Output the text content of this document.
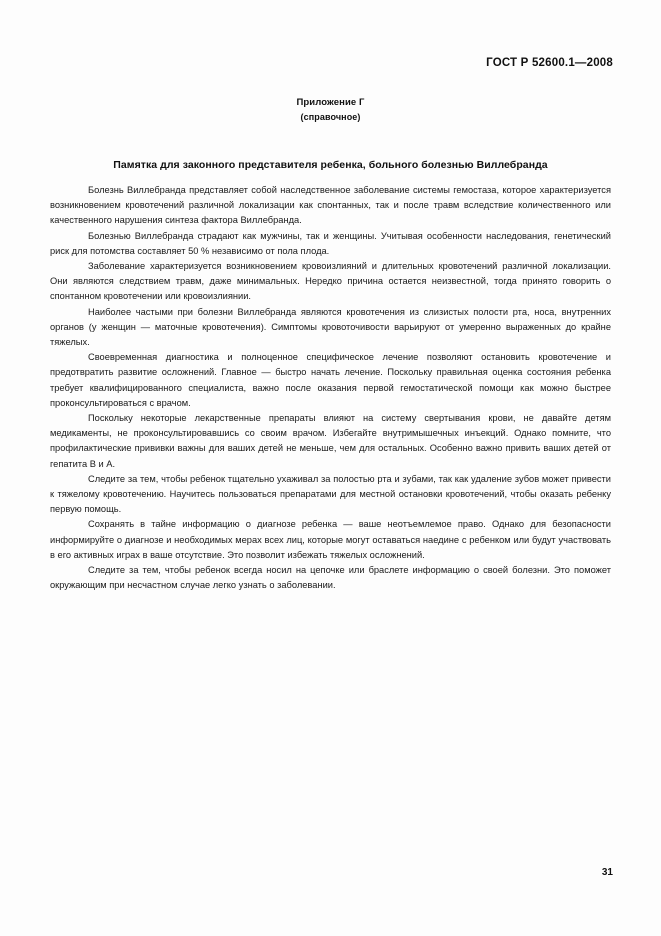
ГОСТ Р 52600.1—2008
Приложение Г
(справочное)
Памятка для законного представителя ребенка, больного болезнью Виллебранда

Болезнь Виллебранда представляет собой наследственное заболевание системы гемостаза, которое характеризуется возникновением кровотечений различной локализации как спонтанных, так и после травм вследствие количественного или качественного нарушения синтеза фактора Виллебранда.

Болезнью Виллебранда страдают как мужчины, так и женщины. Учитывая особенности наследования, генетический риск для потомства составляет 50 % независимо от пола плода.

Заболевание характеризуется возникновением кровоизлияний и длительных кровотечений различной локализации. Они являются следствием травм, даже минимальных. Нередко причина остается неизвестной, тогда принято говорить о спонтанном кровотечении или кровоизлиянии.

Наиболее частыми при болезни Виллебранда являются кровотечения из слизистых полости рта, носа, внутренних органов (у женщин — маточные кровотечения). Симптомы кровоточивости варьируют от умеренно выраженных до крайне тяжелых.

Своевременная диагностика и полноценное специфическое лечение позволяют остановить кровотечение и предотвратить развитие осложнений. Главное — быстро начать лечение. Поскольку правильная оценка состояния ребенка требует квалифицированного специалиста, важно после оказания первой гемостатической помощи как можно быстрее проконсультироваться с врачом.

Поскольку некоторые лекарственные препараты влияют на систему свертывания крови, не давайте детям медикаменты, не проконсультировавшись со своим врачом. Избегайте внутримышечных инъекций. Однако помните, что профилактические прививки важны для ваших детей не меньше, чем для остальных. Особенно важно привить ваших детей от гепатита В и А.

Следите за тем, чтобы ребенок тщательно ухаживал за полостью рта и зубами, так как удаление зубов может привести к тяжелому кровотечению. Научитесь пользоваться препаратами для местной остановки кровотечений, чтобы оказать ребенку первую помощь.

Сохранять в тайне информацию о диагнозе ребенка — ваше неотъемлемое право. Однако для безопасности информируйте о диагнозе и необходимых мерах всех лиц, которые могут оставаться наедине с ребенком или будут участвовать в его активных играх в ваше отсутствие. Это позволит избежать тяжелых осложнений.

Следите за тем, чтобы ребенок всегда носил на цепочке или браслете информацию о своей болезни. Это поможет окружающим при несчастном случае легко узнать о заболевании.

31
